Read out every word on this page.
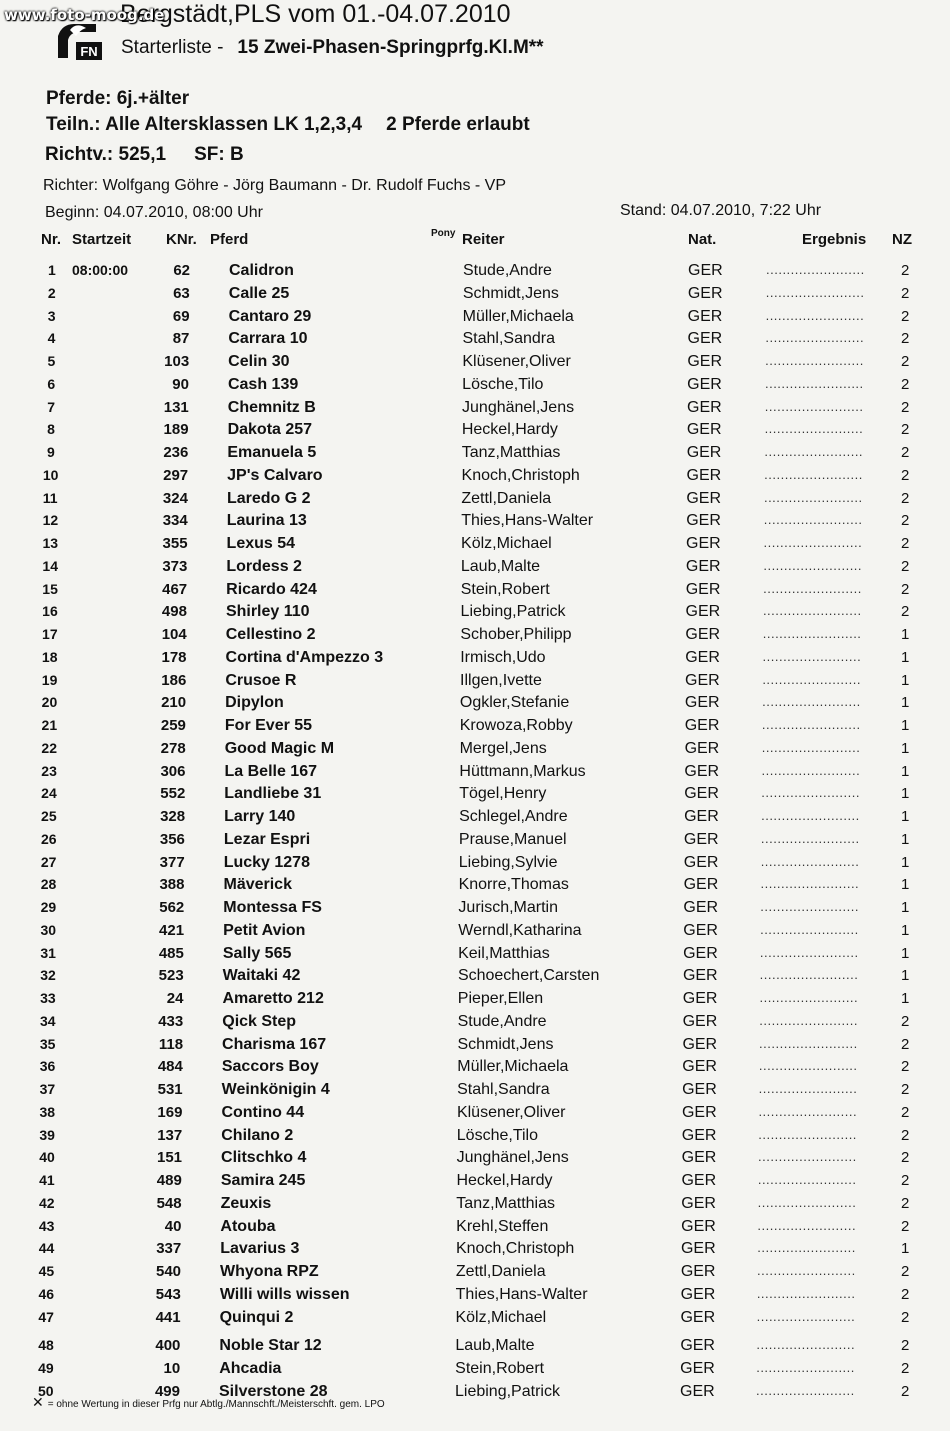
www.foto-moog.de
FN
Bergstädt,PLS vom 01.-04.07.2010
Starterliste - 15 Zwei-Phasen-Springprfg.Kl.M**
Pferde: 6j.+älter
Teiln.: Alle Altersklassen LK 1,2,3,4 2 Pferde erlaubt
Richtv.: 525,1 SF: B
Richter: Wolfgang Göhre - Jörg Baumann - Dr. Rudolf Fuchs - VP
Beginn: 04.07.2010, 08:00 Uhr	Stand: 04.07.2010, 7:22 Uhr
Nr. Startzeit KNr. Pferd	Pony Reiter	Nat.	Ergebnis NZ
1 08:00:00	62 Calidron	Stude,Andre	GER	........................ 2
2	63 Calle 25	Schmidt,Jens	GER	........................ 2
3	69 Cantaro 29	Müller,Michaela	GER	........................ 2
4	87 Carrara 10	Stahl,Sandra	GER	........................ 2
5	103 Celin 30	Klüsener,Oliver	GER	........................ 2
6	90 Cash 139	Lösche,Tilo	GER	........................ 2
7	131 Chemnitz B	Junghänel,Jens	GER	........................	2
8	189 Dakota 257	Heckel,Hardy	GER	........................	2
9	236 Emanuela 5	Tanz,Matthias	GER	........................	2
10	297 JP's Calvaro	Knoch,Christoph	GER	........................	2
11	324 Laredo G 2	Zettl,Daniela	GER	........................	2
12	334 Laurina 13	Thies,Hans-Walter	GER	........................	2
13	355 Lexus 54	Kölz,Michael	GER	........................	2
14	373 Lordess 2	Laub,Malte	GER	........................	2
15	467 Ricardo 424	Stein,Robert	GER	........................	2
16	498 Shirley 110	Liebing,Patrick	GER	........................	2
17	104 Cellestino 2	Schober,Philipp	GER	........................	1
18	178 Cortina d'Ampezzo 3	Irmisch,Udo	GER	........................	1
19	186 Crusoe R	Illgen,Ivette	GER	........................	1
20	210 Dipylon	Ogkler,Stefanie	GER	........................	1
21	259 For Ever 55	Krowoza,Robby	GER	........................	1
22	278 Good Magic M	Mergel,Jens	GER	........................	1
23	306 La Belle 167	Hüttmann,Markus	GER	........................	1
24	552 Landliebe 31	Tögel,Henry	GER	........................	1
25	328 Larry 140	Schlegel,Andre	GER	........................	1
26	356 Lezar Espri	Prause,Manuel	GER	........................	1
27	377 Lucky 1278	Liebing,Sylvie	GER	........................	1
28	388 Mäverick	Knorre,Thomas	GER	........................	1
29	562 Montessa FS	Jurisch,Martin	GER	........................	1
30	421 Petit Avion	Werndl,Katharina	GER	........................	1
31	485 Sally 565	Keil,Matthias	GER	........................	1
32	523 Waitaki 42	Schoechert,Carsten	GER	........................	1
33	24 Amaretto 212	Pieper,Ellen	GER	........................	1
34	433 Qick Step	Stude,Andre	GER	........................	2
35	118 Charisma 167	Schmidt,Jens	GER	........................	2
36	484 Saccors Boy	Müller,Michaela	GER	........................	2
37	531 Weinkönigin 4	Stahl,Sandra	GER	........................	2
38	169 Contino 44	Klüsener,Oliver	GER	........................	2
39	137 Chilano 2	Lösche,Tilo	GER	........................	2
40	151 Clitschko 4	Junghänel,Jens	GER	........................	2
41	489 Samira 245	Heckel,Hardy	GER	........................	2
42	548 Zeuxis	Tanz,Matthias	GER	........................	2
43	40 Atouba	Krehl,Steffen	GER	........................	2
44	337 Lavarius 3	Knoch,Christoph	GER	........................	1
45	540 Whyona RPZ	Zettl,Daniela	GER	........................	2
46	543 Willi wills wissen	Thies,Hans-Walter	GER	........................	2
47	441 Quinqui 2	Kölz,Michael	GER	........................	2
48	400 Noble Star 12	Laub,Malte	GER	........................	2
49	10 Ahcadia	Stein,Robert	GER	........................	2
50	499 Silverstone 28	Liebing,Patrick	GER	........................	2
✕ = ohne Wertung in dieser Prfg nur Abtlg./Mannschft./Meisterschft. gem. LPO
